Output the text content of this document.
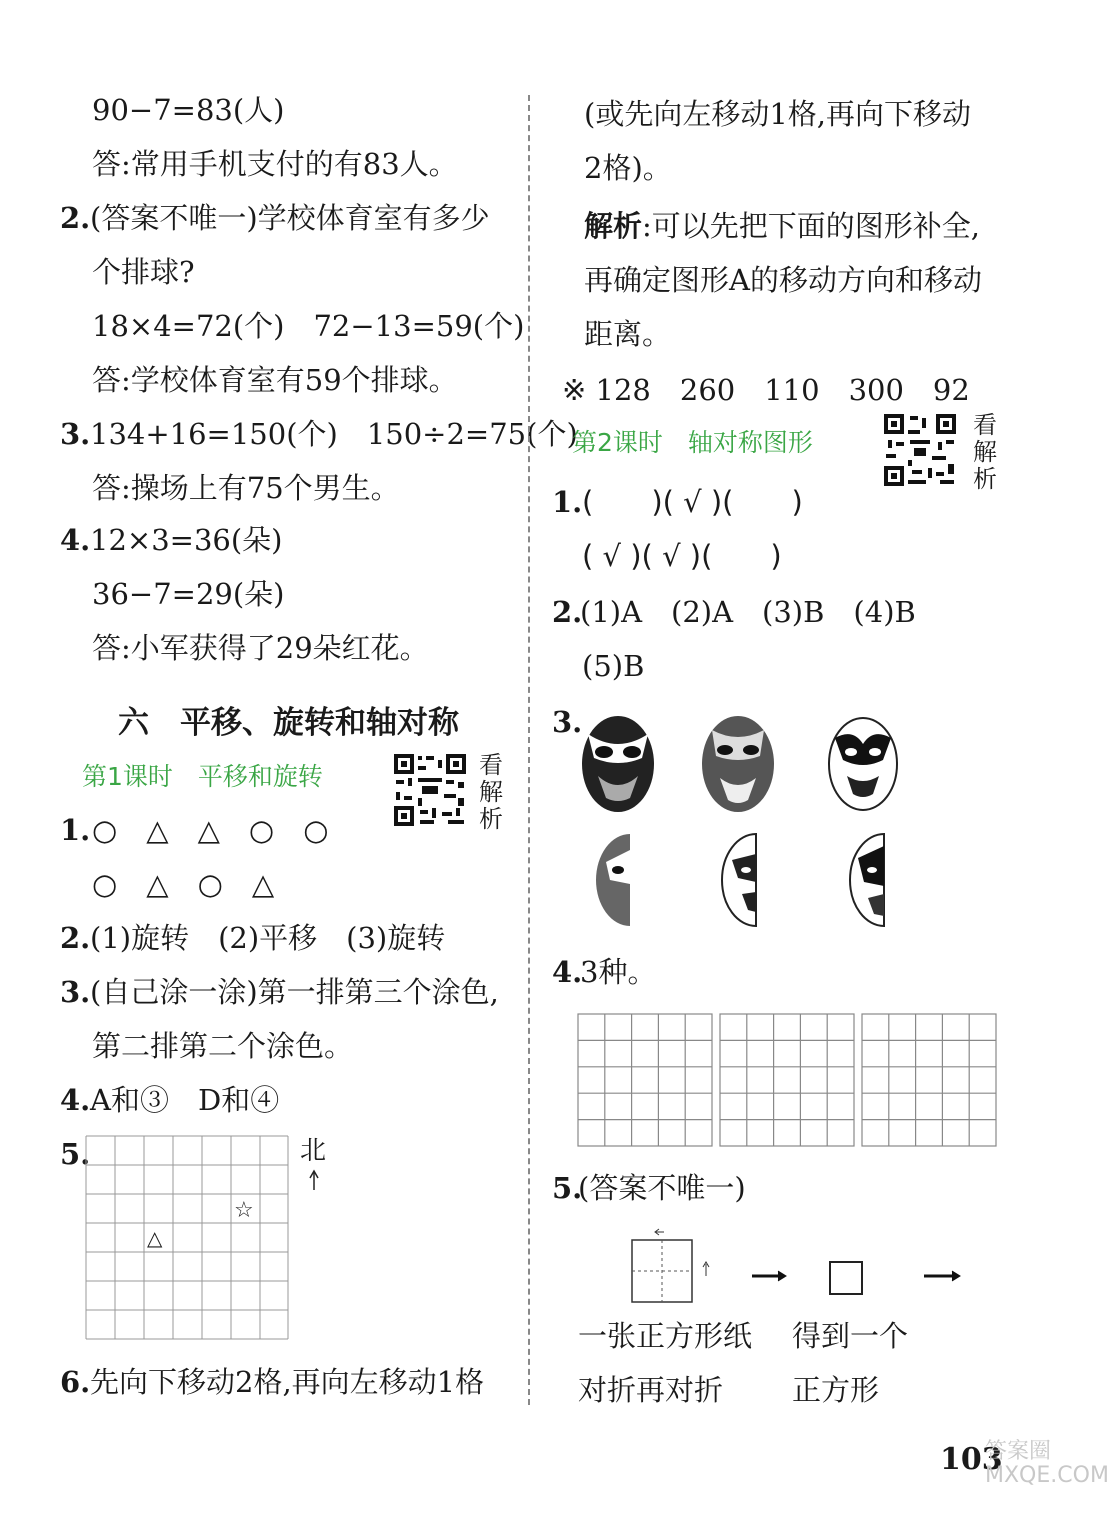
90−7=83(人)
答:常用手机支付的有83人。
2. (答案不唯一)学校体育室有多少
个排球?
18×4=72(个)　72−13=59(个)
答:学校体育室有59个排球。
3. 134+16=150(个)　150÷2=75(个)
答:操场上有75个男生。
4. 12×3=36(朵)
36−7=29(朵)
答:小军获得了29朵红花。
六　平移、旋转和轴对称
第1课时　平移和旋转	看解析
1. ○　△　△　○　○
○　△　○　△
2. (1)旋转　(2)平移　(3)旋转
3. (自己涂一涂)第一排第三个涂色,
第二排第二个涂色。
4. A和③　D和④
5.	北
☆
△
6. 先向下移动2格,再向左移动1格
(或先向左移动1格,再向下移动
2格)。
解析:可以先把下面的图形补全,
再确定图形A的移动方向和移动
距离。
※ 128　260　110　300　92
第2课时　轴对称图形
看解析
1. (　　)( √ )(　　)
( √ )( √ )(　　)
2.
(1)A　(2)A　(3)B　(4)B
(5)B
3.
4.
3种。
5.
(答案不唯一)
一张正方形纸
对折再对折
得到一个
正方形
103
答案圈 MXQE.COM
